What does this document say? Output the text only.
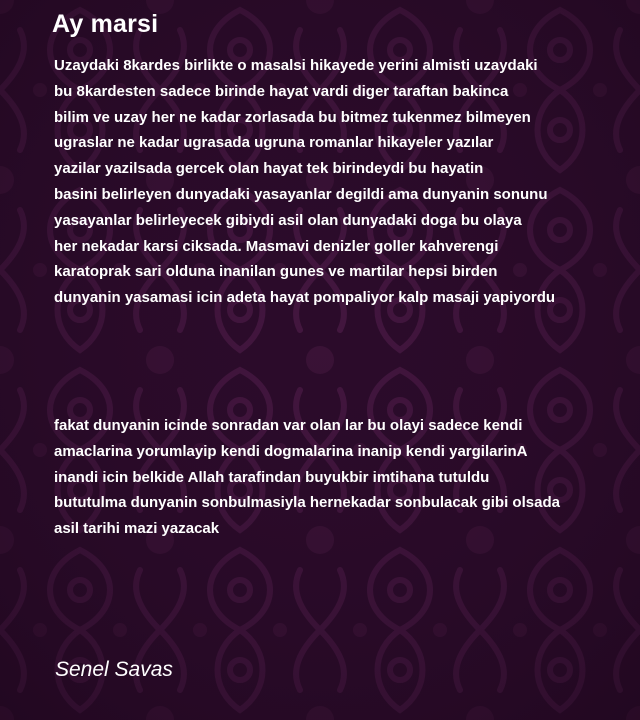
Ay marsi
Uzaydaki 8kardes birlikte o masalsi hikayede yerini almisti uzaydaki
bu 8kardesten sadece birinde hayat vardi diger taraftan bakinca
bilim ve uzay her ne kadar zorlasada bu bitmez tukenmez bilmeyen
ugraslar ne kadar ugrasada ugruna romanlar hikayeler yazılar
yazilar yazilsada gercek olan hayat tek birindeydi bu hayatin
basini belirleyen dunyadaki yasayanlar degildi ama dunyanin sonunu
yasayanlar belirleyecek gibiydi asil olan dunyadaki doga bu olaya
her nekadar karsi ciksada. Masmavi denizler goller kahverengi
karatoprak sari olduna inanilan gunes ve martilar hepsi birden
dunyanin yasamasi icin adeta hayat pompaliyor kalp masaji yapiyordu
fakat dunyanin icinde sonradan var olan lar bu olayi sadece kendi
amaclarina yorumlayip kendi dogmalarina inanip kendi yargilarinA
inandi icin belkide Allah tarafindan buyukbir imtihana tutuldu
bututulma dunyanin sonbulmasiyla hernekadar sonbulacak gibi olsada
asil tarihi mazi yazacak

Senel Savas
